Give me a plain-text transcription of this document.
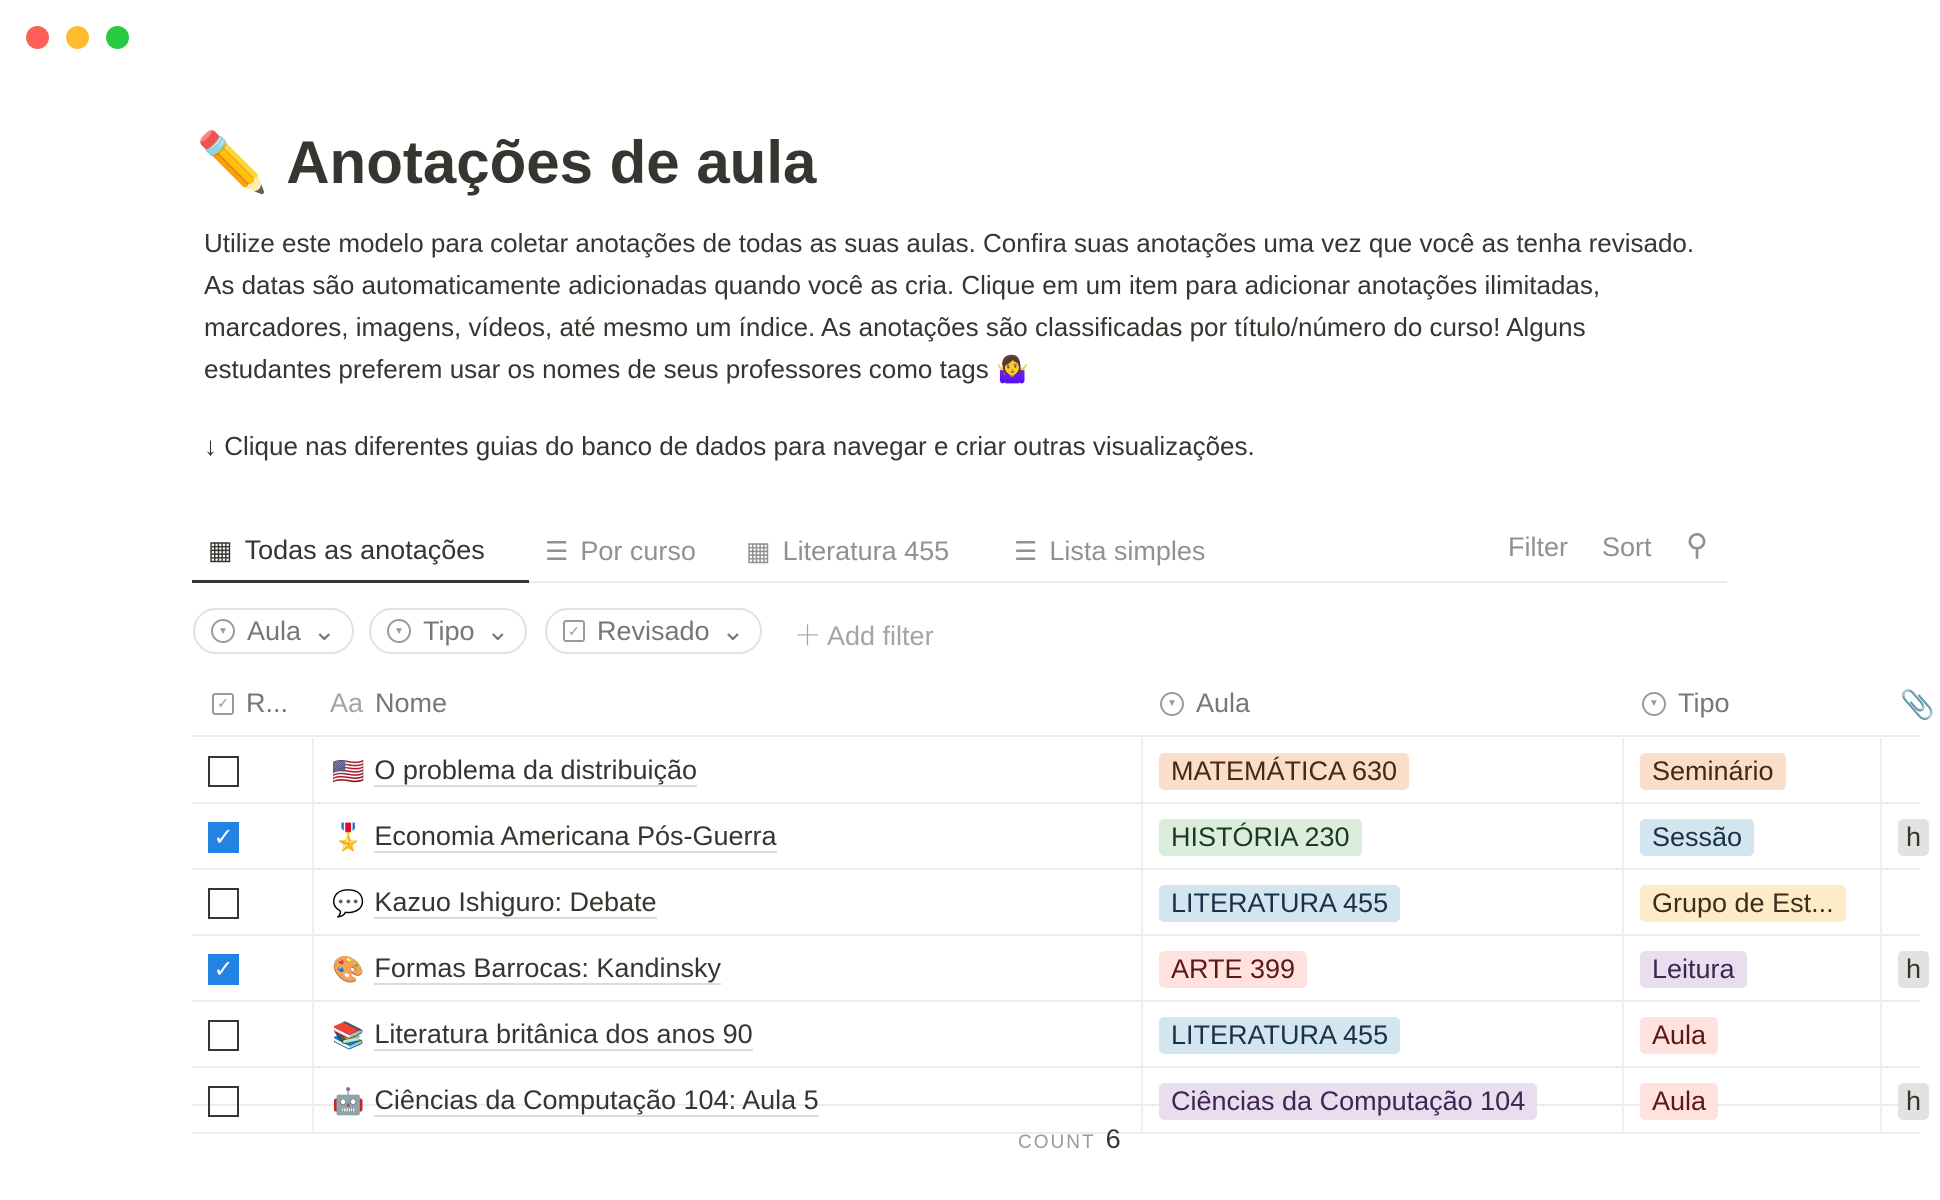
✏️ Anotações de aula

Utilize este modelo para coletar anotações de todas as suas aulas. Confira suas anotações uma vez que você as tenha revisado. As datas são automaticamente adicionadas quando você as cria. Clique em um item para adicionar anotações ilimitadas, marcadores, imagens, vídeos, até mesmo um índice. As anotações são classificadas por título/número do curso! Alguns estudantes preferem usar os nomes de seus professores como tags 🤷‍♀️

↓ Clique nas diferentes guias do banco de dados para navegar e criar outras visualizações.

▦ Todas as anotações ☰ Por curso ▦ Literatura 455 ☰ Lista simples	Filter Sort ⚲
▼ Aula ⌄	▼ Tipo ⌄	✓ Revisado ⌄ ＋ Add filter
✓ R... Aa Nome	▼ Aula	▼ Tipo	📎
🇺🇸 O problema da distribuição	MATEMÁTICA 630	Seminário
✓	🎖️ Economia Americana Pós-Guerra	HISTÓRIA 230	Sessão	h
💬 Kazuo Ishiguro: Debate	LITERATURA 455	Grupo de Est...
✓	🎨 Formas Barrocas: Kandinsky	ARTE 399	Leitura	h
📚 Literatura britânica dos anos 90	LITERATURA 455	Aula
🤖 Ciências da Computação 104: Aula 5	Ciências da Computação 104	Aula	h
COUNT 6
